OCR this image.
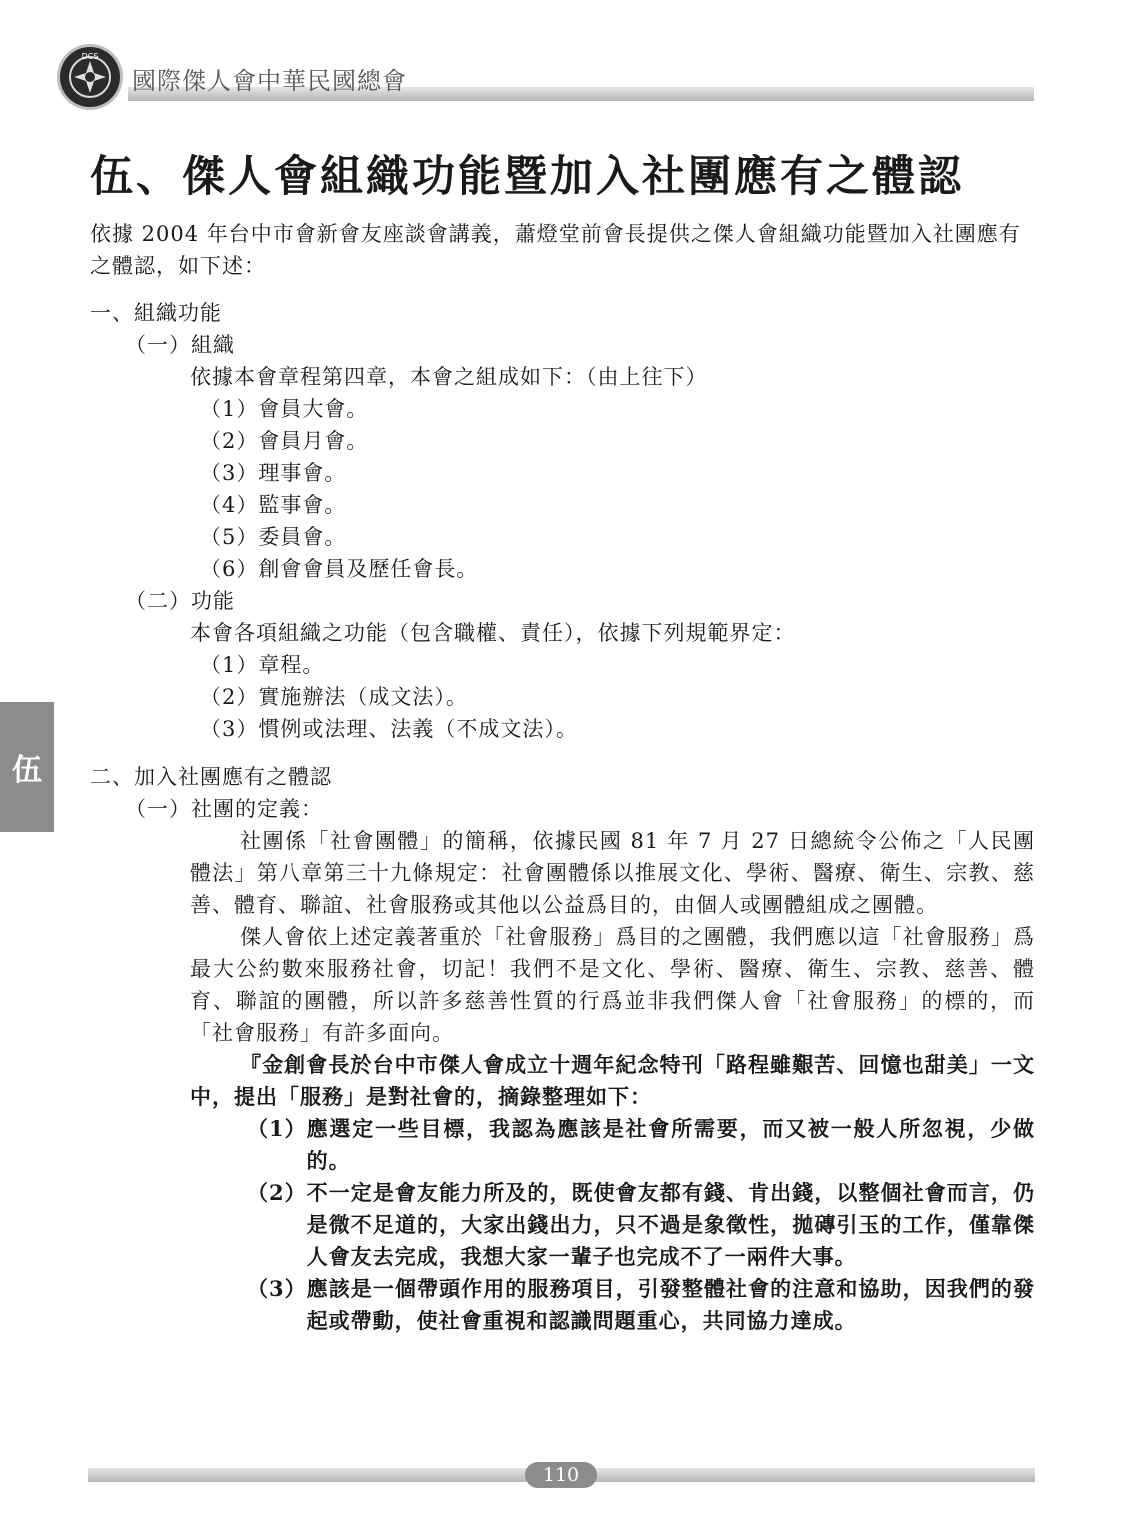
DCS
國際傑人會中華民國總會
伍、傑人會組織功能暨加入社團應有之體認

依據 2004 年台中市會新會友座談會講義，蕭燈堂前會長提供之傑人會組織功能暨加入社團應有之體認，如下述：

一、組織功能

（一）組織

依據本會章程第四章，本會之組成如下：（由上往下）

（1）會員大會。

（2）會員月會。

（3）理事會。

（4）監事會。

（5）委員會。

（6）創會會員及歷任會長。

（二）功能

本會各項組織之功能（包含職權、責任），依據下列規範界定：

（1）章程。

（2）實施辦法（成文法）。

（3）慣例或法理、法義（不成文法）。

二、加入社團應有之體認

（一）社團的定義：

社團係「社會團體」的簡稱，依據民國 81 年 7 月 27 日總統令公佈之「人民團體法」第八章第三十九條規定：社會團體係以推展文化、學術、醫療、衛生、宗教、慈善、體育、聯誼、社會服務或其他以公益爲目的，由個人或團體組成之團體。

傑人會依上述定義著重於「社會服務」爲目的之團體，我們應以這「社會服務」爲最大公約數來服務社會，切記！我們不是文化、學術、醫療、衛生、宗教、慈善、體育、聯誼的團體，所以許多慈善性質的行爲並非我們傑人會「社會服務」的標的，而「社會服務」有許多面向。

『金創會長於台中市傑人會成立十週年紀念特刊「路程雖艱苦、回憶也甜美」一文中，提出「服務」是對社會的，摘錄整理如下：

（1） 應選定一些目標，我認為應該是社會所需要，而又被一般人所忽視，少做的。
（2） 不一定是會友能力所及的，既使會友都有錢、肯出錢，以整個社會而言，仍是微不足道的，大家出錢出力，只不過是象徵性，拋磚引玉的工作，僅靠傑人會友去完成，我想大家一輩子也完成不了一兩件大事。
（3） 應該是一個帶頭作用的服務項目，引發整體社會的注意和協助，因我們的發起或帶動，使社會重視和認識問題重心，共同協力達成。
伍
110
